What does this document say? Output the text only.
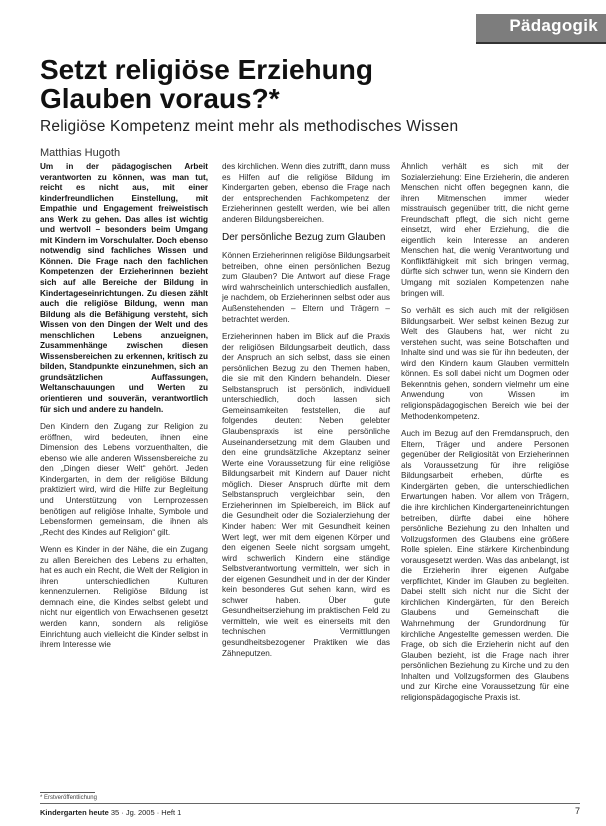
Pädagogik
Setzt religiöse Erziehung Glauben voraus?*
Religiöse Kompetenz meint mehr als methodisches Wissen
Matthias Hugoth

Um in der pädagogischen Arbeit verantworten zu können, was man tut, reicht es nicht aus, mit einer kinderfreundlichen Einstellung, mit Empathie und Engagement freiweistisch ans Werk zu gehen. Das alles ist wichtig und wertvoll – besonders beim Umgang mit Kindern im Vorschulalter. Doch ebenso notwendig sind fachliches Wissen und Können. Die Frage nach den fachlichen Kompetenzen der Erzieherinnen bezieht sich auf alle Bereiche der Bildung in Kindertageseinrichtungen. Zu diesen zählt auch die religiöse Bildung, wenn man Bildung als die Befähigung versteht, sich Wissen von den Dingen der Welt und des menschlichen Lebens anzueignen, Zusammenhänge zwischen diesen Wissensbereichen zu erkennen, kritisch zu bilden, Standpunkte einzunehmen, sich an grundsätzlichen Auffassungen, Weltanschauungen und Werten zu orientieren und souverän, verantwortlich für sich und andere zu handeln.

Den Kindern den Zugang zur Religion zu eröffnen, wird bedeuten, ihnen eine Dimension des Lebens vorzuenthalten, die ebenso wie alle anderen Wissensbereiche zu den „Dingen dieser Welt“ gehört. Jeden Kindergarten, in dem der religiöse Bildung praktiziert wird, wird die Hilfe zur Begleitung und Unterstützung von Lernprozessen benötigen auf religiöse Inhalte, Symbole und Lebensformen gemeinsam, die ihnen als „Recht des Kindes auf Religion“ gilt.

Wenn es Kinder in der Nähe, die ein Zugang zu allen Bereichen des Lebens zu erhalten, hat es auch ein Recht, die Welt der Religion in ihren unterschiedlichen Kulturen kennenzulernen. Religiöse Bildung ist demnach eine, die Kindes selbst gelebt und nicht nur eigentlich von Erwachsenen gesetzt werden kann, sondern als religiöse Einrichtung auch vielleicht die Kinder selbst in ihrem Interesse wie

des kirchlichen. Wenn dies zutrifft, dann muss es Hilfen auf die religiöse Bildung im Kindergarten geben, ebenso die Frage nach der entsprechenden Fachkompetenz der Erzieherinnen gestellt werden, wie bei allen anderen Bildungsbereichen.

Der persönliche Bezug zum Glauben

Können Erzieherinnen religiöse Bildungsarbeit betreiben, ohne einen persönlichen Bezug zum Glauben? Die Antwort auf diese Frage wird wahrscheinlich unterschiedlich ausfallen, je nachdem, ob Erzieherinnen selbst oder aus Außenstehenden – Eltern und Trägern – betrachtet werden.

Erzieherinnen haben im Blick auf die Praxis der religiösen Bildungsarbeit deutlich, dass der Anspruch an sich selbst, dass sie einen persönlichen Bezug zu den Themen haben, die sie mit den Kindern behandeln. Dieser Selbstanspruch ist persönlich, individuell unterschiedlich, doch lassen sich Gemeinsamkeiten feststellen, die auf folgendes deuten: Neben gelebter Glaubenspraxis ist eine persönliche Auseinandersetzung mit dem Glauben und den eine grundsätzliche Akzeptanz seiner Werte eine Voraussetzung für eine religiöse Bildungsarbeit mit Kindern auf Dauer nicht möglich. Dieser Anspruch dürfte mit dem Selbstanspruch vergleichbar sein, den Erzieherinnen im Spielbereich, im Blick auf die Gesundheit oder die Sozialerziehung der Kinder haben: Wer mit Gesundheit keinen Wert legt, wer mit dem eigenen Körper und den eigenen Seele nicht sorgsam umgeht, wird schwerlich Kindern eine ständige Selbstverantwortung vermitteln, wer sich in der eigenen Gesundheit und in der der Kinder kein besonderes Gut sehen kann, wird es schwer haben. Über gute Gesundheitserziehung im praktischen Feld zu vermitteln, wie weit es einerseits mit den technischen Vermittlungen gesundheitsbezogener Praktiken wie das Zähneputzen.

Ähnlich verhält es sich mit der Sozialerziehung: Eine Erzieherin, die anderen Menschen nicht offen begegnen kann, die ihren Mitmenschen immer wieder misstrauisch gegenüber tritt, die nicht gerne Freundschaft pflegt, die sich nicht gerne einsetzt, wird eher Erziehung, die die eigentlich kein Interesse an anderen Menschen hat, die wenig Verantwortung und Konfliktfähigkeit mit sich bringen vermag, dürfte sich schwer tun, wenn sie Kindern den Umgang mit sozialen Kompetenzen nahe bringen will.

So verhält es sich auch mit der religiösen Bildungsarbeit. Wer selbst keinen Bezug zur Welt des Glaubens hat, wer nicht zu verstehen sucht, was seine Botschaften und Inhalte sind und was sie für ihn bedeuten, der wird den Kindern kaum Glauben vermitteln können. Es soll dabei nicht um Dogmen oder Bekenntnis gehen, sondern vielmehr um eine Anwendung von Wissen im religionspädagogischen Bereich wie bei der Methodenkompetenz.

Auch im Bezug auf den Fremdanspruch, den Eltern, Träger und andere Personen gegenüber der Religiosität von Erzieherinnen als Voraussetzung für ihre religiöse Bildungsarbeit erheben, dürfte es Kindergärten geben, die unterschiedlichen Erwartungen haben. Vor allem von Trägern, die ihre kirchlichen Kindergarteneinrichtungen betreiben, dürfte dabei eine höhere persönliche Beziehung zu den Inhalten und Vollzugsformen des Glaubens eine größere Rolle spielen. Eine stärkere Kirchenbindung vorausgesetzt werden. Was das anbelangt, ist die Erzieherin ihrer eigenen Aufgabe verpflichtet, Kinder im Glauben zu begleiten. Dabei stellt sich nicht nur die Sicht der kirchlichen Kindergärten, für den Bereich Glaubens und Gemeinschaft die Wahrnehmung der Grundordnung für kirchliche Angestellte gemessen werden. Die Frage, ob sich die Erzieherin nicht auf den Glauben bezieht, ist die Frage nach ihrer persönlichen Beziehung zu Kirche und zu den Inhalten und Vollzugsformen des Glaubens und zur Kirche eine Voraussetzung für eine religionspädagogische Praxis ist.

* Erstveröffentlichung
Kindergarten heute 35 · Jg. 2005 · Heft 1	7
